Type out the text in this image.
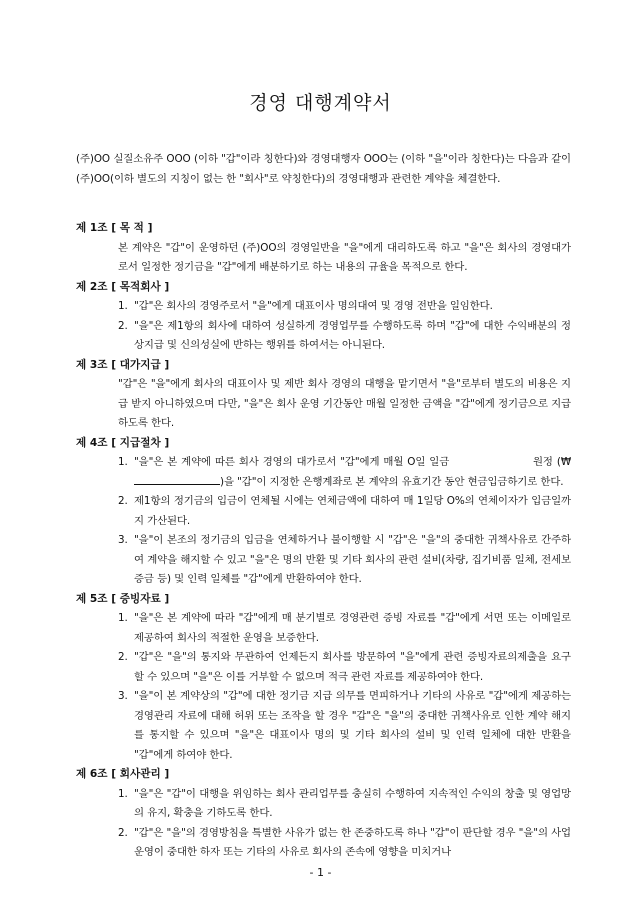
경영 대행계약서
(주)OO 실질소유주 OOO (이하 "갑"이라 칭한다)와 경영대행자 OOO는 (이하 "을"이라 칭한다)는 다음과 같이 (주)OO(이하 별도의 지칭이 없는 한 "회사"로 약칭한다)의 경영대행과 관련한 계약을 체결한다.

제 1조 [ 목 적 ]

본 계약은 "갑"이 운영하던 (주)OO의 경영일반을 "을"에게 대리하도록 하고 "을"은 회사의 경영대가로서 일정한 정기금을 "갑"에게 배분하기로 하는 내용의 규율을 목적으로 한다.

제 2조 [ 목적회사 ]

1. "갑"은 회사의 경영주로서 "을"에게 대표이사 명의대여 및 경영 전반을 일임한다.
2. "을"은 제1항의 회사에 대하여 성실하게 경영업무를 수행하도록 하며 "갑"에 대한 수익배분의 정상지급 및 신의성실에 반하는 행위를 하여서는 아니된다.

제 3조 [ 대가지급 ]

"갑"은 "을"에게 회사의 대표이사 및 제반 회사 경영의 대행을 맡기면서 "을"로부터 별도의 비용은 지급 받지 아니하였으며 다만, "을"은 회사 운영 기간동안 매월 일정한 금액을 "갑"에게 정기금으로 지급하도록 한다.

제 4조 [ 지급절차 ]

1. "을"은 본 계약에 따른 회사 경영의 대가로서 "갑"에게 매월 O일 일금	원정 (₩)을 "갑"이 지정한 은행계좌로 본 계약의 유효기간 동안 현금입금하기로 한다.
2. 제1항의 정기금의 입금이 연체될 시에는 연체금액에 대하여 매 1일당 O%의 연체이자가 입금일까지 가산된다.
3. "을"이 본조의 정기금의 입금을 연체하거나 불이행할 시 "갑"은 "을"의 중대한 귀책사유로 간주하여 계약을 해지할 수 있고 "을"은 명의 반환 및 기타 회사의 관련 설비(차량, 집기비품 일체, 전세보증금 등) 및 인력 일체를 "갑"에게 반환하여야 한다.

제 5조 [ 증빙자료 ]

1. "을"은 본 계약에 따라 "갑"에게 매 분기별로 경영관련 증빙 자료를 "갑"에게 서면 또는 이메일로 제공하여 회사의 적절한 운영을 보증한다.
2. "갑"은 "을"의 통지와 무관하여 언제든지 회사를 방문하여 "을"에게 관련 증빙자료의제출을 요구할 수 있으며 "을"은 이를 거부할 수 없으며 적극 관련 자료를 제공하여야 한다.
3. "을"이 본 계약상의 "갑"에 대한 정기금 지급 의무를 면피하거나 기타의 사유로 "갑"에게 제공하는 경영관리 자료에 대해 허위 또는 조작을 할 경우 "갑"은 "을"의 중대한 귀책사유로 인한 계약 해지를 통지할 수 있으며 "을"은 대표이사 명의 및 기타 회사의 설비 및 인력 일체에 대한 반환을 "갑"에게 하여야 한다.

제 6조 [ 회사관리 ]

1. "을"은 "갑"이 대행을 위임하는 회사 관리업무를 충실히 수행하여 지속적인 수익의 창출 및 영업망의 유지, 확충을 기하도록 한다.
2. "갑"은 "을"의 경영방침을 특별한 사유가 없는 한 존중하도록 하나 "갑"이 판단할 경우 "을"의 사업운영이 중대한 하자 또는 기타의 사유로 회사의 존속에 영향을 미치거나
- 1 -
